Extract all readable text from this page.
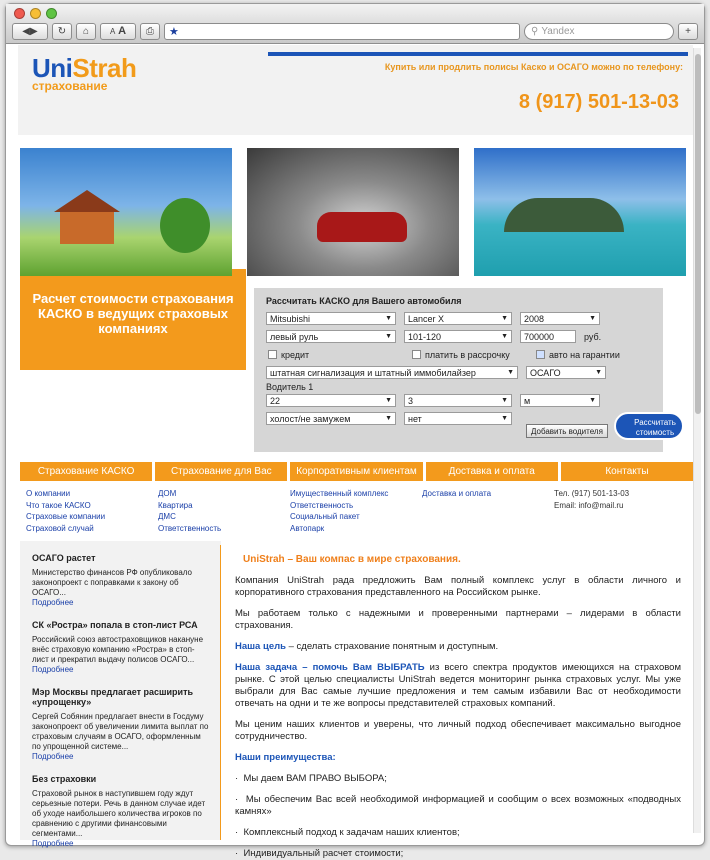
◀ ▶	↻	⌂	A
A	⎙	★	⚲ Yandex	+
UniStrah
страхование
Купить или продлить полисы Каско и ОСАГО можно по телефону:
8 (917) 501-13-03
Расчет стоимости страхования КАСКО в ведущих страховых компаниях
Рассчитать КАСКО для Вашего автомобиля
Mitsubishi	▼ Lancer X	▼ 2008	▼
левый руль	▼ 101-120	▼ 700000	руб.
кредит	платить в рассрочку	авто на гарантии
штатная сигнализация и штатный иммобилайзер	▼ ОСАГО	▼
Водитель 1
22	▼ 3	▼ м	▼
холост/не замужем	▼ нет	▼
Добавить водителя
Рассчитать стоимость
Страхование КАСКО	Страхование для Вас	Корпоративным клиентам	Доставка и оплата	Контакты
О компании
Что такое КАСКО
Страховые компании
Страховой случай
ДОМ
Квартира
ДМС
Ответственность
Имущественный комплекс
Ответственность
Социальный пакет
Автопарк
Доставка и оплата	Тел. (917) 501-13-03
Email: info@mail.ru
ОСАГО растет
Министерство финансов РФ опубликовало законопроект с поправками к закону об ОСАГО...
Подробнее
СК «Ростра» попала в стоп-лист РСА
Российский союз автостраховщиков накануне внёс страховую компанию «Ростра» в стоп-лист и прекратил выдачу полисов ОСАГО...
Подробнее
Мэр Москвы предлагает расширить «упрощенку»
Сергей Собянин предлагает внести в Госдуму законопроект об увеличении лимита выплат по страховым случаям в ОСАГО, оформленным по упрощенной системе...
Подробнее
Без страховки
Страховой рынок в наступившем году ждут серьезные потери. Речь в данном случае идет об уходе наибольшего количества игроков по сравнению с другими финансовыми сегментами...
Подробнее
UniStrah – Ваш компас в мире страхования.

Компания UniStrah рада предложить Вам полный комплекс услуг в области личного и корпоративного страхования представленного на Российском рынке.

Мы работаем только с надежными и проверенными партнерами – лидерами в области страхования.

Наша цель – сделать страхование понятным и доступным.

Наша задача – помочь Вам ВЫБРАТЬ из всего спектра продуктов имеющихся на страховом рынке. С этой целью специалисты UniStrah ведется мониторинг рынка страховых услуг. Мы уже выбрали для Вас самые лучшие предложения и тем самым избавили Вас от необходимости отвечать на одни и те же вопросы представителей страховых компаний.

Мы ценим наших клиентов и уверены, что личный подход обеспечивает максимально выгодное сотрудничество.

Наши преимущества:

·  Мы даем ВАМ ПРАВО ВЫБОРА;

·  Мы обеспечим Вас всей необходимой информацией и сообщим о всех возможных «подводных камнях»

·  Комплексный подход к задачам наших клиентов;

·  Индивидуальный расчет стоимости;
